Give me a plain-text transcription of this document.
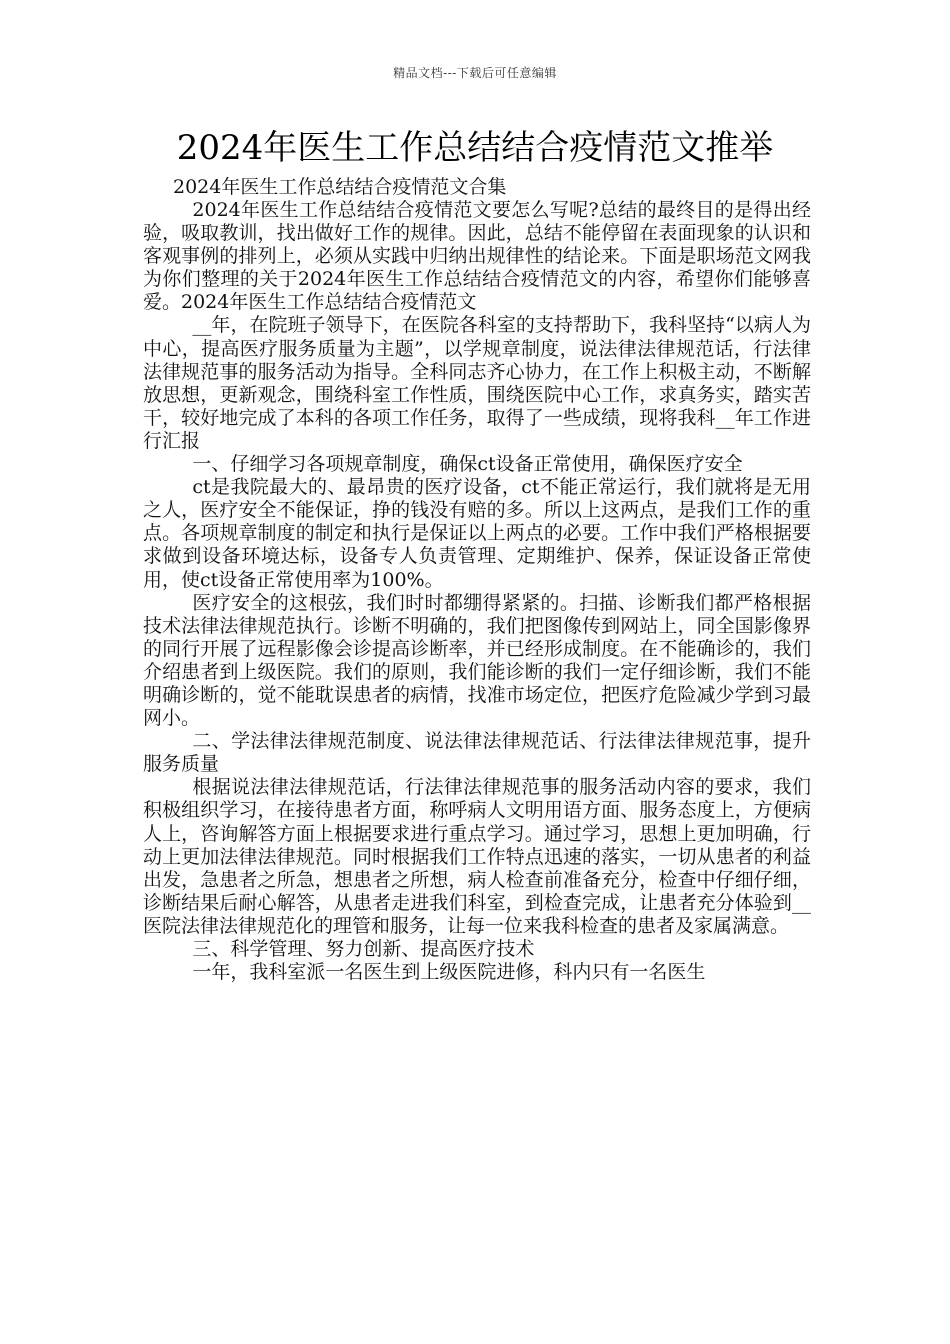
精品文档---下载后可任意编辑
2024年医生工作总结结合疫情范文推举
2024年医生工作总结结合疫情范文合集

2024年医生工作总结结合疫情范文要怎么写呢?总结的最终目的是得出经验，吸取教训，找出做好工作的规律。因此，总结不能停留在表面现象的认识和客观事例的排列上，必须从实践中归纳出规律性的结论来。下面是职场范文网我为你们整理的关于2024年医生工作总结结合疫情范文的内容，希望你们能够喜爱。2024年医生工作总结结合疫情范文

__年，在院班子领导下，在医院各科室的支持帮助下，我科坚持“以病人为中心，提高医疗服务质量为主题”，以学规章制度，说法律法律规范话，行法律法律规范事的服务活动为指导。全科同志齐心协力，在工作上积极主动，不断解放思想，更新观念，围绕科室工作性质，围绕医院中心工作，求真务实，踏实苦干，较好地完成了本科的各项工作任务，取得了一些成绩，现将我科__年工作进行汇报

一、仔细学习各项规章制度，确保ct设备正常使用，确保医疗安全

ct是我院最大的、最昂贵的医疗设备，ct不能正常运行，我们就将是无用之人，医疗安全不能保证，挣的钱没有赔的多。所以上这两点，是我们工作的重点。各项规章制度的制定和执行是保证以上两点的必要。工作中我们严格根据要求做到设备环境达标，设备专人负责管理、定期维护、保养，保证设备正常使用，使ct设备正常使用率为100%。

医疗安全的这根弦，我们时时都绷得紧紧的。扫描、诊断我们都严格根据技术法律法律规范执行。诊断不明确的，我们把图像传到网站上，同全国影像界的同行开展了远程影像会诊提高诊断率，并已经形成制度。在不能确诊的，我们介绍患者到上级医院。我们的原则，我们能诊断的我们一定仔细诊断，我们不能明确诊断的，觉不能耽误患者的病情，找准市场定位，把医疗危险减少学到习最网小。

二、学法律法律规范制度、说法律法律规范话、行法律法律规范事，提升服务质量

根据说法律法律规范话，行法律法律规范事的服务活动内容的要求，我们积极组织学习，在接待患者方面，称呼病人文明用语方面、服务态度上，方便病人上，咨询解答方面上根据要求进行重点学习。通过学习，思想上更加明确，行动上更加法律法律规范。同时根据我们工作特点迅速的落实，一切从患者的利益出发，急患者之所急，想患者之所想，病人检查前准备充分，检查中仔细仔细，诊断结果后耐心解答，从患者走进我们科室，到检查完成，让患者充分体验到__医院法律法律规范化的理管和服务，让每一位来我科检查的患者及家属满意。

三、科学管理、努力创新、提高医疗技术

一年，我科室派一名医生到上级医院进修，科内只有一名医生
